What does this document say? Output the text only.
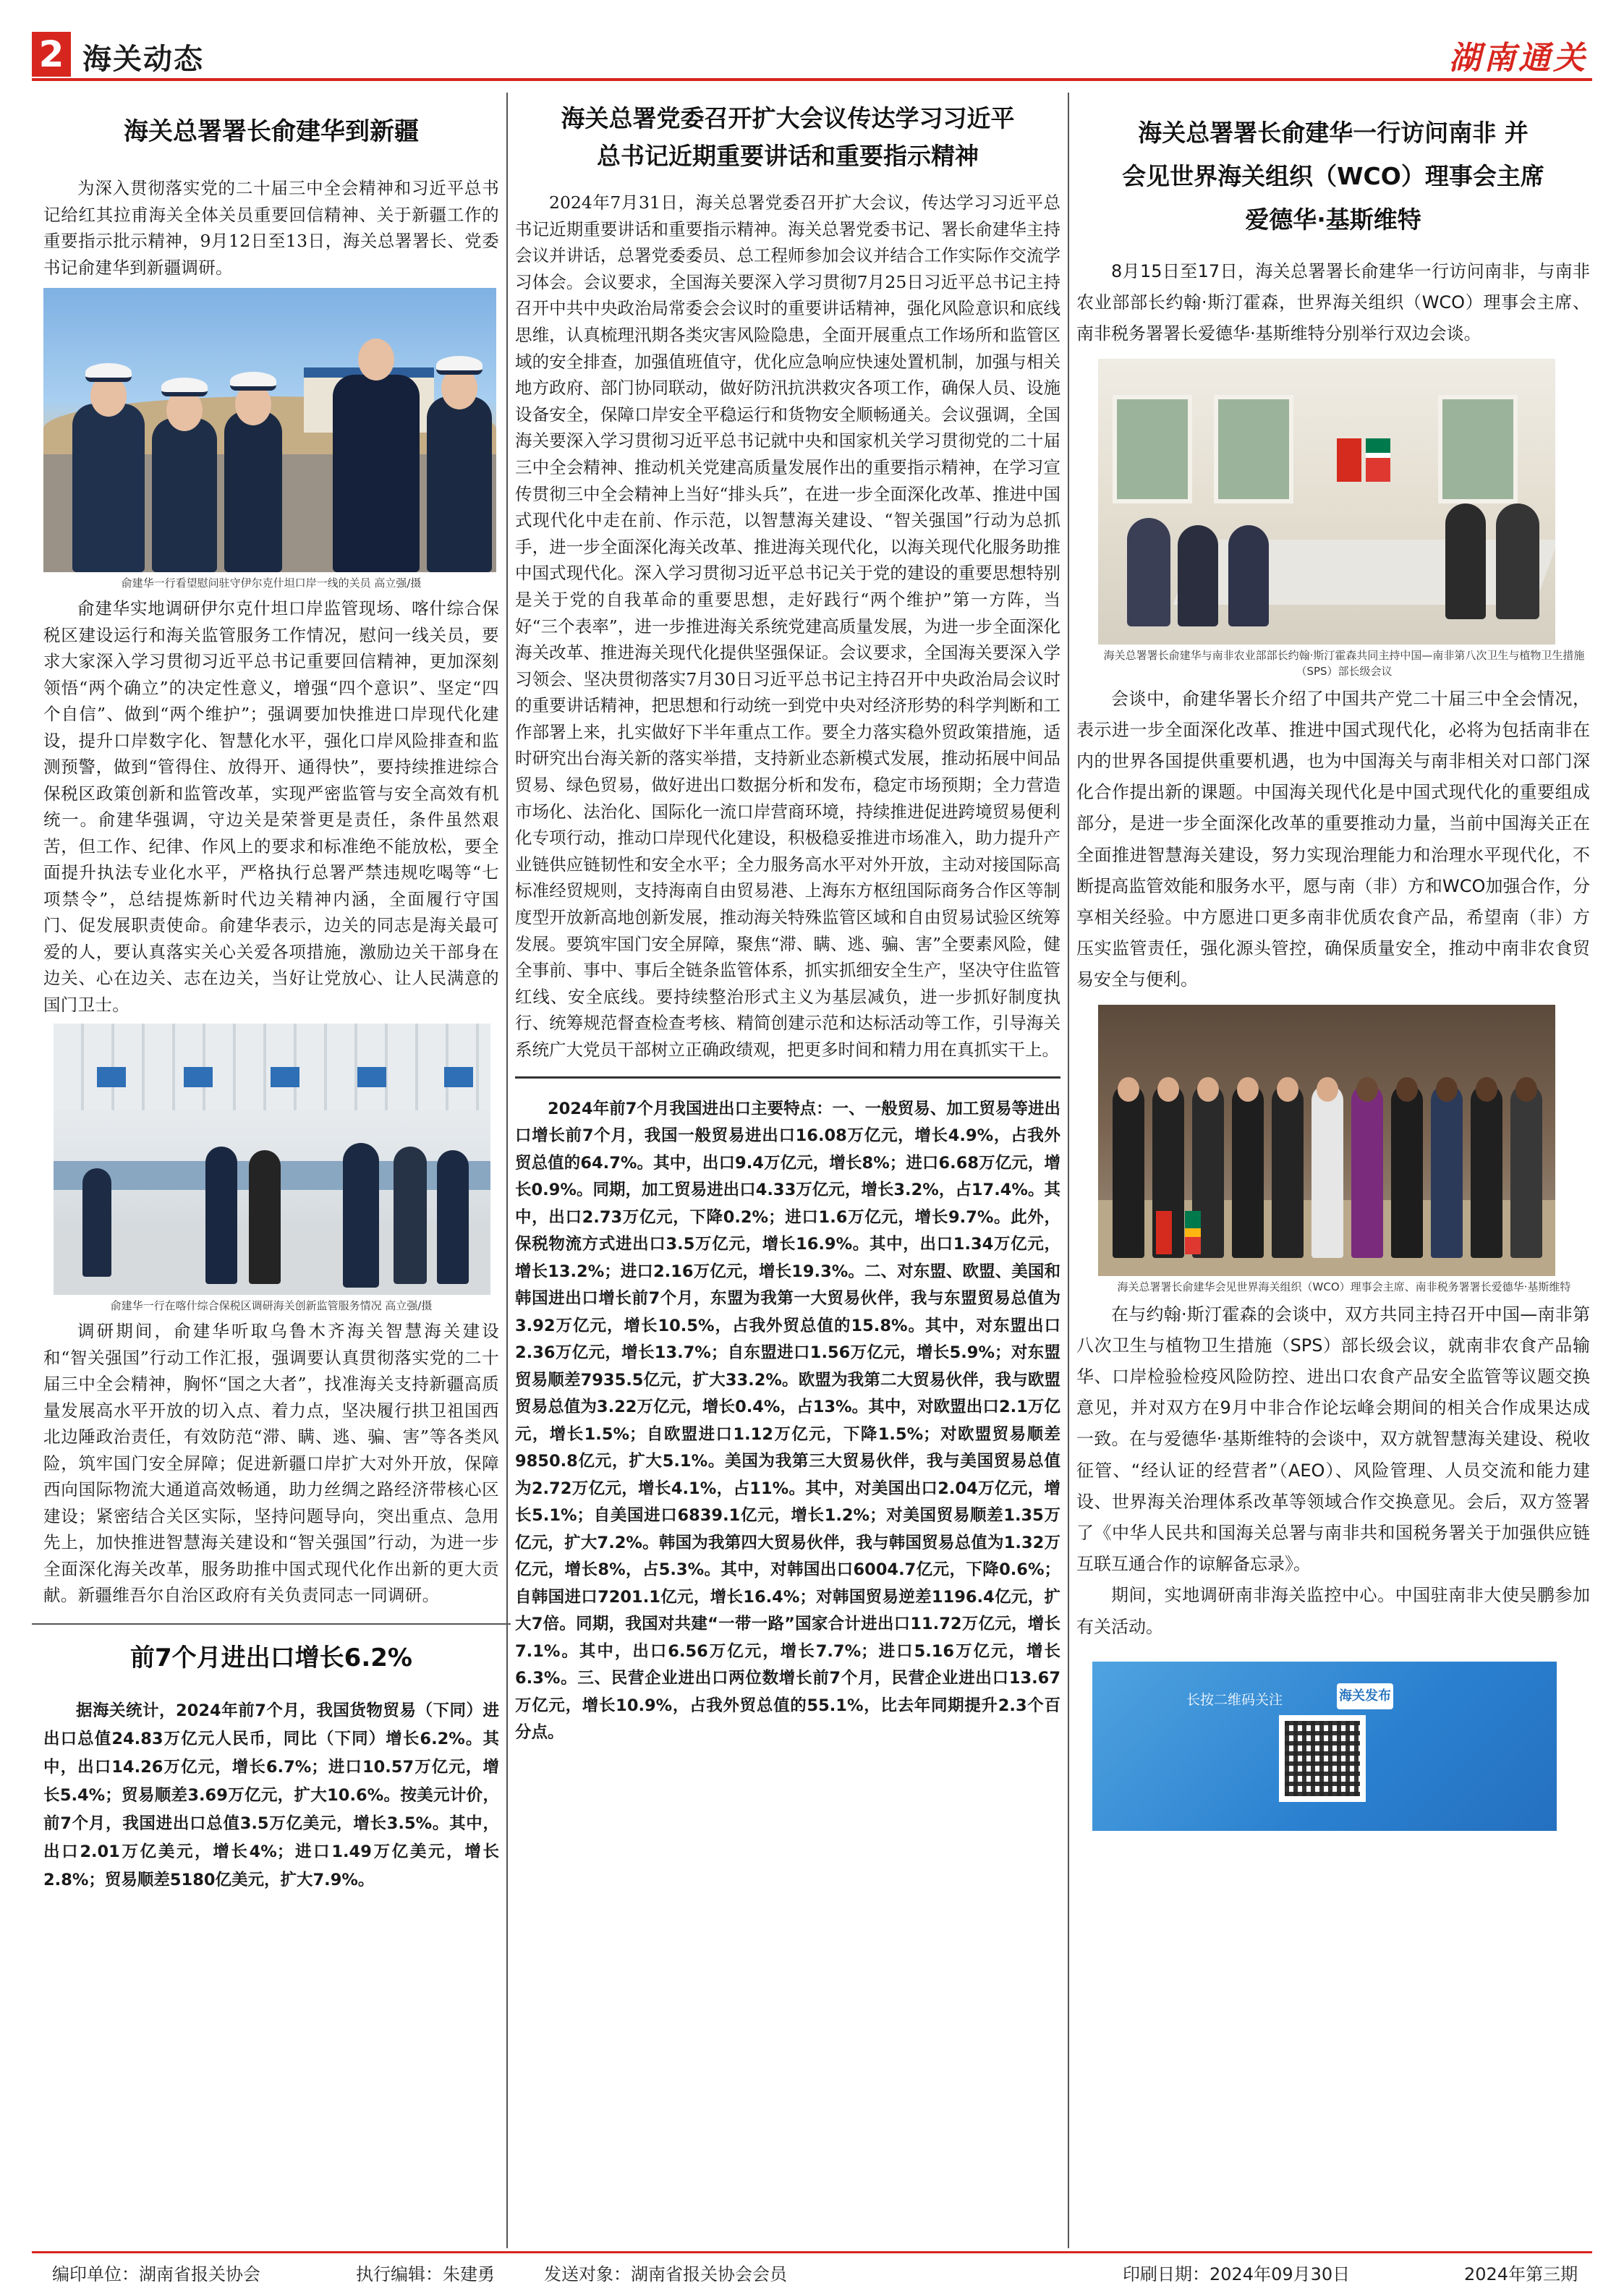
2 海关动态	湖南通关
海关总署署长俞建华到新疆

为深入贯彻落实党的二十届三中全会精神和习近平总书记给红其拉甫海关全体关员重要回信精神、关于新疆工作的重要指示批示精神，9月12日至13日，海关总署署长、党委书记俞建华到新疆调研。

俞建华一行看望慰问驻守伊尔克什坦口岸一线的关员 高立强/摄

俞建华实地调研伊尔克什坦口岸监管现场、喀什综合保税区建设运行和海关监管服务工作情况，慰问一线关员，要求大家深入学习贯彻习近平总书记重要回信精神，更加深刻领悟“两个确立”的决定性意义，增强“四个意识”、坚定“四个自信”、做到“两个维护”；强调要加快推进口岸现代化建设，提升口岸数字化、智慧化水平，强化口岸风险排查和监测预警，做到“管得住、放得开、通得快”，要持续推进综合保税区政策创新和监管改革，实现严密监管与安全高效有机统一。俞建华强调，守边关是荣誉更是责任，条件虽然艰苦，但工作、纪律、作风上的要求和标准绝不能放松，要全面提升执法专业化水平，严格执行总署严禁违规吃喝等“七项禁令”，总结提炼新时代边关精神内涵，全面履行守国门、促发展职责使命。俞建华表示，边关的同志是海关最可爱的人，要认真落实关心关爱各项措施，激励边关干部身在边关、心在边关、志在边关，当好让党放心、让人民满意的国门卫士。

俞建华一行在喀什综合保税区调研海关创新监管服务情况 高立强/摄

调研期间，俞建华听取乌鲁木齐海关智慧海关建设和“智关强国”行动工作汇报，强调要认真贯彻落实党的二十届三中全会精神，胸怀“国之大者”，找准海关支持新疆高质量发展高水平开放的切入点、着力点，坚决履行拱卫祖国西北边陲政治责任，有效防范“滞、瞒、逃、骗、害”等各类风险，筑牢国门安全屏障；促进新疆口岸扩大对外开放，保障西向国际物流大通道高效畅通，助力丝绸之路经济带核心区建设；紧密结合关区实际，坚持问题导向，突出重点、急用先上，加快推进智慧海关建设和“智关强国”行动，为进一步全面深化海关改革，服务助推中国式现代化作出新的更大贡献。新疆维吾尔自治区政府有关负责同志一同调研。

前7个月进出口增长6.2%

据海关统计，2024年前7个月，我国货物贸易（下同）进出口总值24.83万亿元人民币，同比（下同）增长6.2%。其中，出口14.26万亿元，增长6.7%；进口10.57万亿元，增长5.4%；贸易顺差3.69万亿元，扩大10.6%。按美元计价，前7个月，我国进出口总值3.5万亿美元，增长3.5%。其中，出口2.01万亿美元，增长4%；进口1.49万亿美元，增长2.8%；贸易顺差5180亿美元，扩大7.9%。

海关总署党委召开扩大会议传达学习习近平
总书记近期重要讲话和重要指示精神

2024年7月31日，海关总署党委召开扩大会议，传达学习习近平总书记近期重要讲话和重要指示精神。海关总署党委书记、署长俞建华主持会议并讲话，总署党委委员、总工程师参加会议并结合工作实际作交流学习体会。会议要求，全国海关要深入学习贯彻7月25日习近平总书记主持召开中共中央政治局常委会会议时的重要讲话精神，强化风险意识和底线思维，认真梳理汛期各类灾害风险隐患，全面开展重点工作场所和监管区域的安全排查，加强值班值守，优化应急响应快速处置机制，加强与相关地方政府、部门协同联动，做好防汛抗洪救灾各项工作，确保人员、设施设备安全，保障口岸安全平稳运行和货物安全顺畅通关。会议强调，全国海关要深入学习贯彻习近平总书记就中央和国家机关学习贯彻党的二十届三中全会精神、推动机关党建高质量发展作出的重要指示精神，在学习宣传贯彻三中全会精神上当好“排头兵”，在进一步全面深化改革、推进中国式现代化中走在前、作示范，以智慧海关建设、“智关强国”行动为总抓手，进一步全面深化海关改革、推进海关现代化，以海关现代化服务助推中国式现代化。深入学习贯彻习近平总书记关于党的建设的重要思想特别是关于党的自我革命的重要思想，走好践行“两个维护”第一方阵，当好“三个表率”，进一步推进海关系统党建高质量发展，为进一步全面深化海关改革、推进海关现代化提供坚强保证。会议要求，全国海关要深入学习领会、坚决贯彻落实7月30日习近平总书记主持召开中央政治局会议时的重要讲话精神，把思想和行动统一到党中央对经济形势的科学判断和工作部署上来，扎实做好下半年重点工作。要全力落实稳外贸政策措施，适时研究出台海关新的落实举措，支持新业态新模式发展，推动拓展中间品贸易、绿色贸易，做好进出口数据分析和发布，稳定市场预期；全力营造市场化、法治化、国际化一流口岸营商环境，持续推进促进跨境贸易便利化专项行动，推动口岸现代化建设，积极稳妥推进市场准入，助力提升产业链供应链韧性和安全水平；全力服务高水平对外开放，主动对接国际高标准经贸规则，支持海南自由贸易港、上海东方枢纽国际商务合作区等制度型开放新高地创新发展，推动海关特殊监管区域和自由贸易试验区统筹发展。要筑牢国门安全屏障，聚焦“滞、瞒、逃、骗、害”全要素风险，健全事前、事中、事后全链条监管体系，抓实抓细安全生产，坚决守住监管红线、安全底线。要持续整治形式主义为基层减负，进一步抓好制度执行、统筹规范督查检查考核、精简创建示范和达标活动等工作，引导海关系统广大党员干部树立正确政绩观，把更多时间和精力用在真抓实干上。

2024年前7个月我国进出口主要特点：一、一般贸易、加工贸易等进出口增长前7个月，我国一般贸易进出口16.08万亿元，增长4.9%，占我外贸总值的64.7%。其中，出口9.4万亿元，增长8%；进口6.68万亿元，增长0.9%。同期，加工贸易进出口4.33万亿元，增长3.2%，占17.4%。其中，出口2.73万亿元，下降0.2%；进口1.6万亿元，增长9.7%。此外，保税物流方式进出口3.5万亿元，增长16.9%。其中，出口1.34万亿元，增长13.2%；进口2.16万亿元，增长19.3%。二、对东盟、欧盟、美国和韩国进出口增长前7个月，东盟为我第一大贸易伙伴，我与东盟贸易总值为3.92万亿元，增长10.5%，占我外贸总值的15.8%。其中，对东盟出口2.36万亿元，增长13.7%；自东盟进口1.56万亿元，增长5.9%；对东盟贸易顺差7935.5亿元，扩大33.2%。欧盟为我第二大贸易伙伴，我与欧盟贸易总值为3.22万亿元，增长0.4%，占13%。其中，对欧盟出口2.1万亿元，增长1.5%；自欧盟进口1.12万亿元，下降1.5%；对欧盟贸易顺差9850.8亿元，扩大5.1%。美国为我第三大贸易伙伴，我与美国贸易总值为2.72万亿元，增长4.1%，占11%。其中，对美国出口2.04万亿元，增长5.1%；自美国进口6839.1亿元，增长1.2%；对美国贸易顺差1.35万亿元，扩大7.2%。韩国为我第四大贸易伙伴，我与韩国贸易总值为1.32万亿元，增长8%，占5.3%。其中，对韩国出口6004.7亿元，下降0.6%；自韩国进口7201.1亿元，增长16.4%；对韩国贸易逆差1196.4亿元，扩大7倍。同期，我国对共建“一带一路”国家合计进出口11.72万亿元，增长7.1%。其中，出口6.56万亿元，增长7.7%；进口5.16万亿元，增长6.3%。三、民营企业进出口两位数增长前7个月，民营企业进出口13.67万亿元，增长10.9%，占我外贸总值的55.1%，比去年同期提升2.3个百分点。

海关总署署长俞建华一行访问南非 并
会见世界海关组织（WCO）理事会主席
爱德华·基斯维特

8月15日至17日，海关总署署长俞建华一行访问南非，与南非农业部部长约翰·斯汀霍森，世界海关组织（WCO）理事会主席、南非税务署署长爱德华·基斯维特分别举行双边会谈。

海关总署署长俞建华与南非农业部部长约翰·斯汀霍森共同主持中国—南非第八次卫生与植物卫生措施（SPS）部长级会议

会谈中，俞建华署长介绍了中国共产党二十届三中全会情况，表示进一步全面深化改革、推进中国式现代化，必将为包括南非在内的世界各国提供重要机遇，也为中国海关与南非相关对口部门深化合作提出新的课题。中国海关现代化是中国式现代化的重要组成部分，是进一步全面深化改革的重要推动力量，当前中国海关正在全面推进智慧海关建设，努力实现治理能力和治理水平现代化，不断提高监管效能和服务水平，愿与南（非）方和WCO加强合作，分享相关经验。中方愿进口更多南非优质农食产品，希望南（非）方压实监管责任，强化源头管控，确保质量安全，推动中南非农食贸易安全与便利。

海关总署署长俞建华会见世界海关组织（WCO）理事会主席、南非税务署署长爱德华·基斯维特

在与约翰·斯汀霍森的会谈中，双方共同主持召开中国—南非第八次卫生与植物卫生措施（SPS）部长级会议，就南非农食产品输华、口岸检验检疫风险防控、进出口农食产品安全监管等议题交换意见，并对双方在9月中非合作论坛峰会期间的相关合作成果达成一致。在与爱德华·基斯维特的会谈中，双方就智慧海关建设、税收征管、“经认证的经营者”（AEO）、风险管理、人员交流和能力建设、世界海关治理体系改革等领域合作交换意见。会后，双方签署了《中华人民共和国海关总署与南非共和国税务署关于加强供应链互联互通合作的谅解备忘录》。

期间，实地调研南非海关监控中心。中国驻南非大使吴鹏参加有关活动。

长按二维码关注	海关发布
编印单位：湖南省报关协会	执行编辑：朱建勇	发送对象：湖南省报关协会会员	印刷日期：2024年09月30日	2024年第三期
